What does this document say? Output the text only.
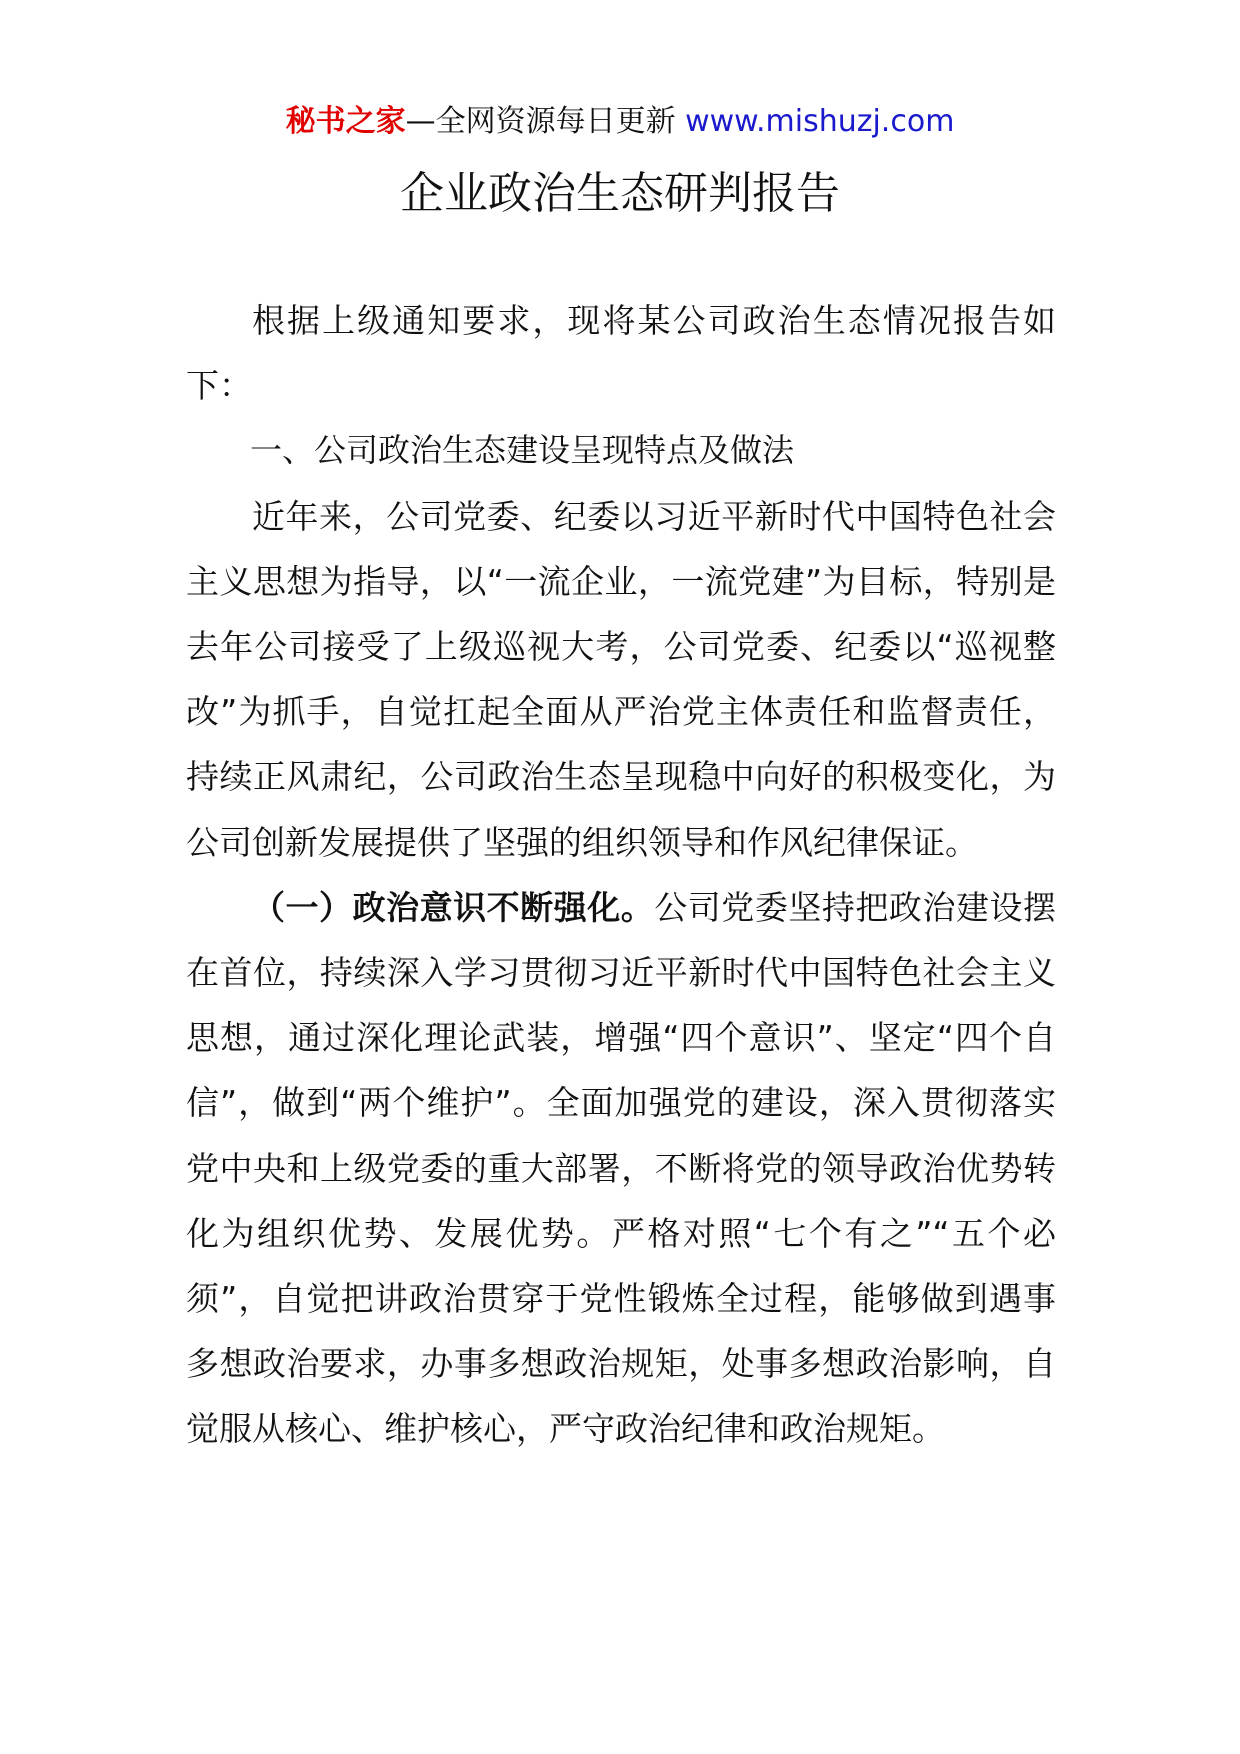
秘书之家—全网资源每日更新 www.mishuzj.com
企业政治生态研判报告

根据上级通知要求，现将某公司政治生态情况报告如下：

一、公司政治生态建设呈现特点及做法

近年来，公司党委、纪委以习近平新时代中国特色社会主义思想为指导，以“一流企业，一流党建”为目标，特别是去年公司接受了上级巡视大考，公司党委、纪委以“巡视整改”为抓手，自觉扛起全面从严治党主体责任和监督责任，持续正风肃纪，公司政治生态呈现稳中向好的积极变化，为公司创新发展提供了坚强的组织领导和作风纪律保证。

（一）政治意识不断强化。公司党委坚持把政治建设摆在首位，持续深入学习贯彻习近平新时代中国特色社会主义思想，通过深化理论武装，增强“四个意识”、坚定“四个自信”，做到“两个维护”。全面加强党的建设，深入贯彻落实党中央和上级党委的重大部署，不断将党的领导政治优势转化为组织优势、发展优势。严格对照“七个有之”“五个必须”，自觉把讲政治贯穿于党性锻炼全过程，能够做到遇事多想政治要求，办事多想政治规矩，处事多想政治影响，自觉服从核心、维护核心，严守政治纪律和政治规矩。
